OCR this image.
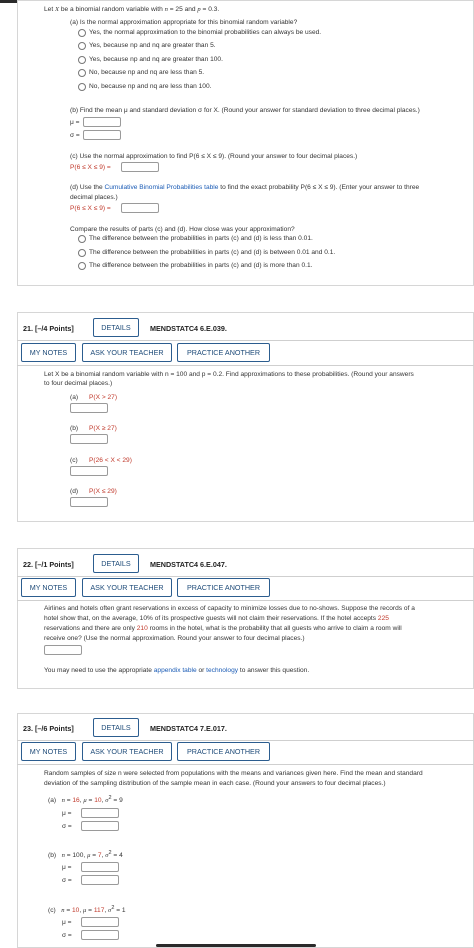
Let X be a binomial random variable with n = 25 and p = 0.3.
(a) Is the normal approximation appropriate for this binomial random variable?
Yes, the normal approximation to the binomial probabilities can always be used.
Yes, because np and nq are greater than 5.
Yes, because np and nq are greater than 100.
No, because np and nq are less than 5.
No, because np and nq are less than 100.
(b) Find the mean μ and standard deviation σ for X. (Round your answer for standard deviation to three decimal places.)
μ =
σ =
(c) Use the normal approximation to find P(6 ≤ X ≤ 9). (Round your answer to four decimal places.)
P(6 ≤ X ≤ 9) =
(d) Use the Cumulative Binomial Probabilities table to find the exact probability P(6 ≤ X ≤ 9). (Enter your answer to three
decimal places.)
P(6 ≤ X ≤ 9) =
Compare the results of parts (c) and (d). How close was your approximation?
The difference between the probabilities in parts (c) and (d) is less than 0.01.
The difference between the probabilities in parts (c) and (d) is between 0.01 and 0.1.
The difference between the probabilities in parts (c) and (d) is more than 0.1.
21. [–/4 Points]	DETAILS	MENDSTATC4 6.E.039.
MY NOTES	ASK YOUR TEACHER	PRACTICE ANOTHER
Let X be a binomial random variable with n = 100 and p = 0.2. Find approximations to these probabilities. (Round your answers
to four decimal places.)
(a) P(X > 27)
(b) P(X ≥ 27)
(c) P(26 < X < 29)
(d) P(X ≤ 29)
22. [–/1 Points]	DETAILS	MENDSTATC4 6.E.047.
MY NOTES	ASK YOUR TEACHER	PRACTICE ANOTHER
Airlines and hotels often grant reservations in excess of capacity to minimize losses due to no-shows. Suppose the records of a
hotel show that, on the average, 10% of its prospective guests will not claim their reservations. If the hotel accepts 225
reservations and there are only 210 rooms in the hotel, what is the probability that all guests who arrive to claim a room will
receive one? (Use the normal approximation. Round your answer to four decimal places.)
You may need to use the appropriate appendix table or technology to answer this question.
23. [–/6 Points]	DETAILS	MENDSTATC4 7.E.017.
MY NOTES	ASK YOUR TEACHER	PRACTICE ANOTHER
Random samples of size n were selected from populations with the means and variances given here. Find the mean and standard
deviation of the sampling distribution of the sample mean in each case. (Round your answers to four decimal places.)
(a) n = 16, μ = 10, $\sigma^2 = 9$
μ =
σ =
(b) n = 100, μ = 7, $\sigma^2 = 4$
μ =
σ =
(c) n = 10, μ = 117, $\sigma^2 = 1$
μ =
σ =
